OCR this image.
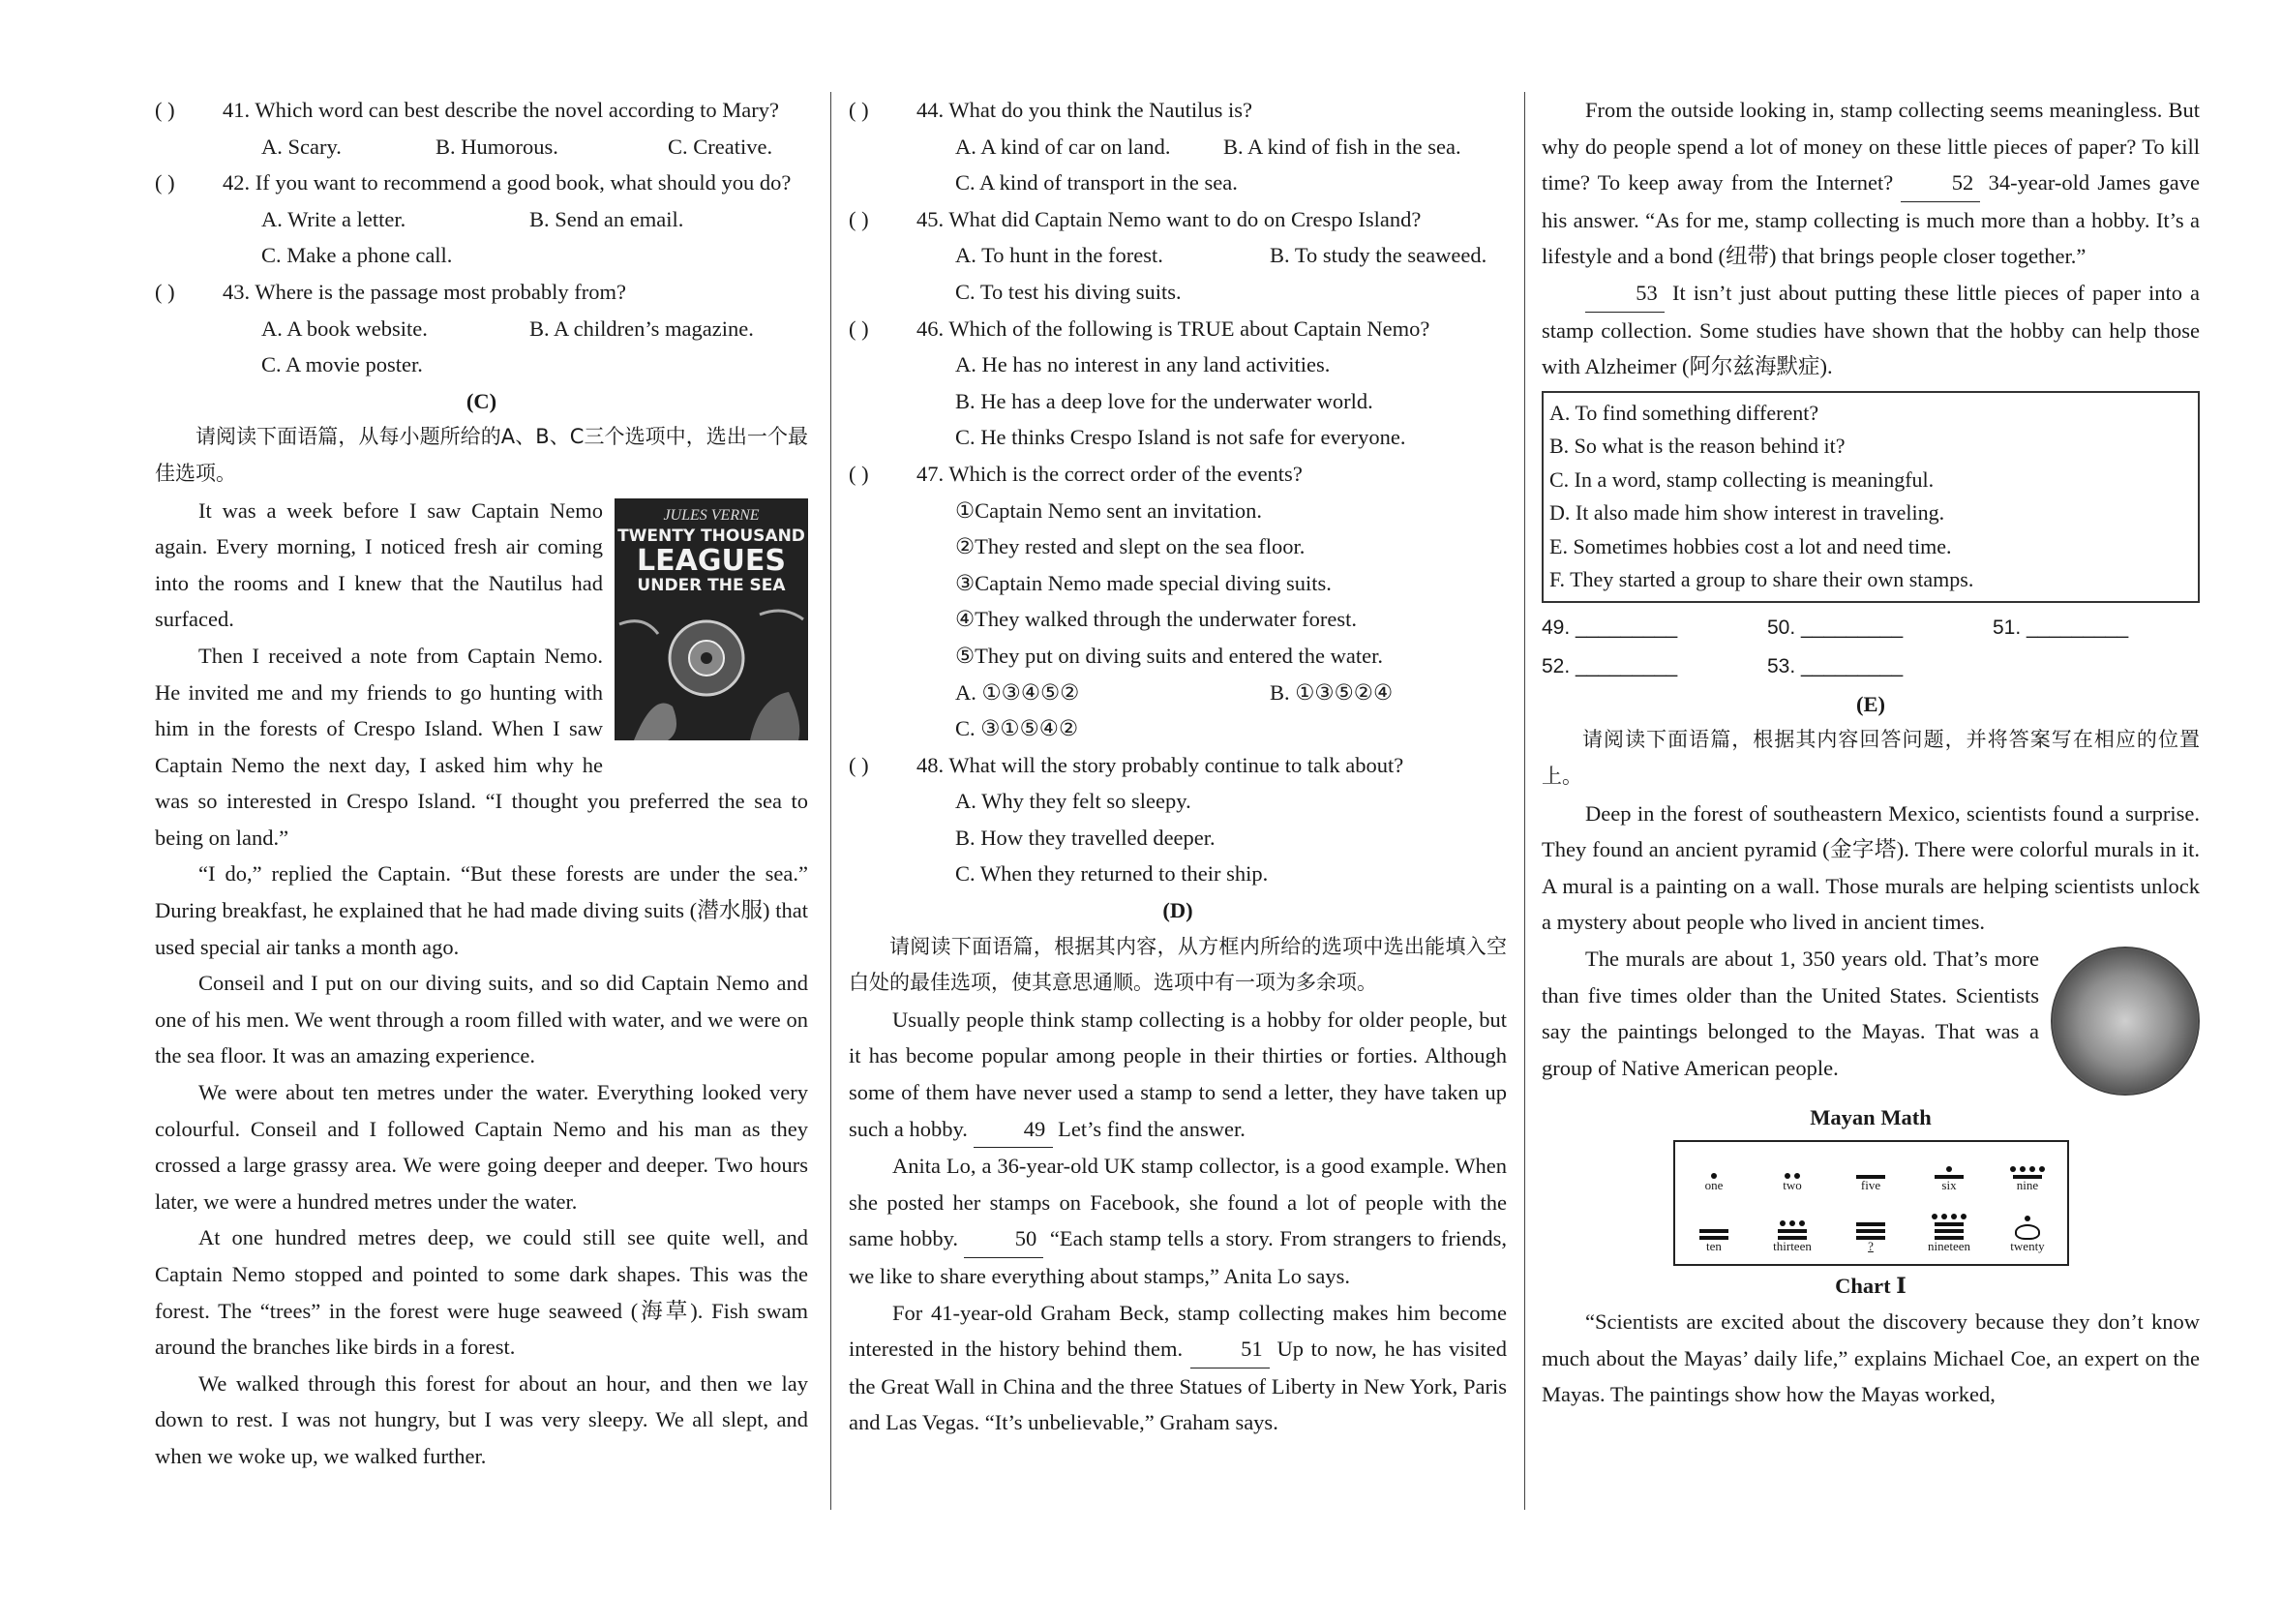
( ) 41. Which word can best describe the novel according to Mary?
A. Scary.	B. Humorous.	C. Creative.
( ) 42. If you want to recommend a good book, what should you do?
A. Write a letter.	B. Send an email.
C. Make a phone call.
( ) 43. Where is the passage most probably from?
A. A book website.	B. A children’s magazine.
C. A movie poster.

(C)

请阅读下面语篇，从每小题所给的A、B、C三个选项中，选出一个最佳选项。

JULES VERNE
TWENTY THOUSAND
LEAGUES
UNDER THE SEA

It was a week before I saw Captain Nemo again. Every morning, I noticed fresh air coming into the rooms and I knew that the Nautilus had surfaced.

Then I received a note from Captain Nemo. He invited me and my friends to go hunting with him in the forests of Crespo Island. When I saw Captain Nemo the next day, I asked him why he was so interested in Crespo Island. “I thought you preferred the sea to being on land.”

“I do,” replied the Captain. “But these forests are under the sea.” During breakfast, he explained that he had made diving suits (潜水服) that used special air tanks a month ago.

Conseil and I put on our diving suits, and so did Captain Nemo and one of his men. We went through a room filled with water, and we were on the sea floor. It was an amazing experience.

We were about ten metres under the water. Everything looked very colourful. Conseil and I followed Captain Nemo and his man as they crossed a large grassy area. We were going deeper and deeper. Two hours later, we were a hundred metres under the water.

At one hundred metres deep, we could still see quite well, and Captain Nemo stopped and pointed to some dark shapes. This was the forest. The “trees” in the forest were huge seaweed (海草). Fish swam around the branches like birds in a forest.

We walked through this forest for about an hour, and then we lay down to rest. I was not hungry, but I was very sleepy. We all slept, and when we woke up, we walked further.

( ) 44. What do you think the Nautilus is?
A. A kind of car on land.	B. A kind of fish in the sea.
C. A kind of transport in the sea.
( ) 45. What did Captain Nemo want to do on Crespo Island?
A. To hunt in the forest.	B. To study the seaweed.
C. To test his diving suits.
( ) 46. Which of the following is TRUE about Captain Nemo?
A. He has no interest in any land activities.
B. He has a deep love for the underwater world.
C. He thinks Crespo Island is not safe for everyone.
( ) 47. Which is the correct order of the events?
①Captain Nemo sent an invitation.
②They rested and slept on the sea floor.
③Captain Nemo made special diving suits.
④They walked through the underwater forest.
⑤They put on diving suits and entered the water.
A. ①③④⑤②	B. ①③⑤②④
C. ③①⑤④②
( ) 48. What will the story probably continue to talk about?
A. Why they felt so sleepy.
B. How they travelled deeper.
C. When they returned to their ship.

(D)

请阅读下面语篇，根据其内容，从方框内所给的选项中选出能填入空白处的最佳选项，使其意思通顺。选项中有一项为多余项。

Usually people think stamp collecting is a hobby for older people, but it has become popular among people in their thirties or forties. Although some of them have never used a stamp to send a letter, they have taken up such a hobby.	49 Let’s find the answer.

Anita Lo, a 36-year-old UK stamp collector, is a good example. When she posted her stamps on Facebook, she found a lot of people with the same hobby.	50 “Each stamp tells a story. From strangers to friends, we like to share everything about stamps,” Anita Lo says.

For 41-year-old Graham Beck, stamp collecting makes him become interested in the history behind them.	51 Up to now, he has visited the Great Wall in China and the three Statues of Liberty in New York, Paris and Las Vegas. “It’s unbelievable,” Graham says.

From the outside looking in, stamp collecting seems meaningless. But why do people spend a lot of money on these little pieces of paper? To kill time? To keep away from the Internet?	52 34-year-old James gave his answer. “As for me, stamp collecting is much more than a hobby. It’s a lifestyle and a bond (纽带) that brings people closer together.”

53 It isn’t just about putting these little pieces of paper into a stamp collection. Some studies have shown that the hobby can help those with Alzheimer (阿尔兹海默症).

A. To find something different?
B. So what is the reason behind it?
C. In a word, stamp collecting is meaningful.
D. It also made him show interest in traveling.
E. Sometimes hobbies cost a lot and need time.
F. They started a group to share their own stamps.
49. _________	50. _________	51. _________
52. _________	53. _________

(E)

请阅读下面语篇，根据其内容回答问题，并将答案写在相应的位置上。

Deep in the forest of southeastern Mexico, scientists found a surprise. They found an ancient pyramid (金字塔). There were colorful murals in it. A mural is a painting on a wall. Those murals are helping scientists unlock a mystery about people who lived in ancient times.

The murals are about 1, 350 years old. That’s more than five times older than the United States. Scientists say the paintings belonged to the Mayas. That was a group of Native American people.

Mayan Math

one	two	five	six	nine
ten	thirteen	?	nineteen	twenty

Chart Ⅰ

“Scientists are excited about the discovery because they don’t know much about the Mayas’ daily life,” explains Michael Coe, an expert on the Mayas. The paintings show how the Mayas worked,
